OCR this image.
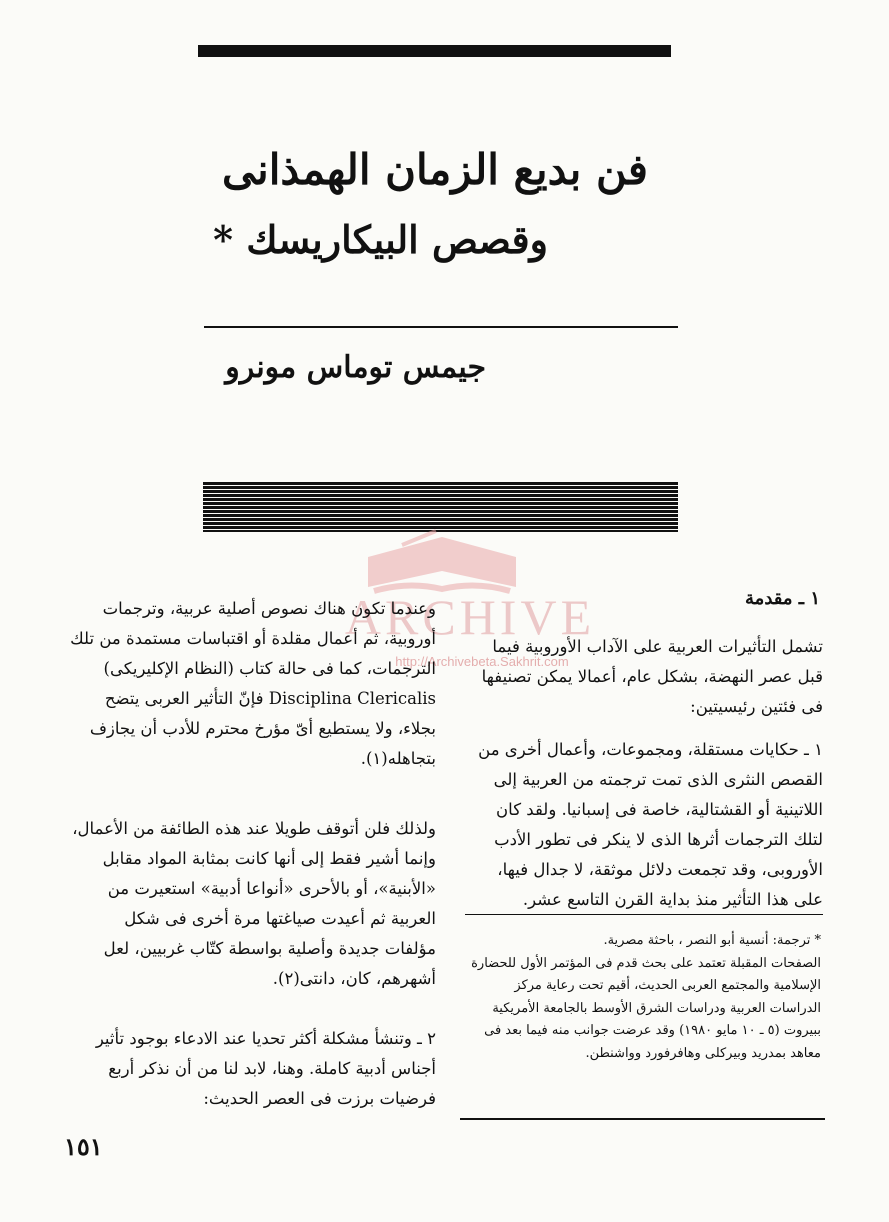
فن بديع الزمان الهمذانى
وقصص البيكاريسك *
جيمس توماس مونرو
ARCHIVE
http://Archivebeta.Sakhrit.com
١ ـ مقدمة

تشمل التأثيرات العربية على الآداب الأوروبية فيما قبل عصر النهضة، بشكل عام، أعمالا يمكن تصنيفها فى فئتين رئيسيتين:

١ ـ حكايات مستقلة، ومجموعات، وأعمال أخرى من القصص النثرى الذى تمت ترجمته من العربية إلى اللاتينية أو القشتالية، خاصة فى إسبانيا. ولقد كان لتلك الترجمات أثرها الذى لا ينكر فى تطور الأدب الأوروبى، وقد تجمعت دلائل موثقة، لا جدال فيها، على هذا التأثير منذ بداية القرن التاسع عشر.

* ترجمة: أنسية أبو النصر ، باحثة مصرية.

الصفحات المقبلة تعتمد على بحث قدم فى المؤتمر الأول للحضارة الإسلامية والمجتمع العربى الحديث، أقيم تحت رعاية مركز الدراسات العربية ودراسات الشرق الأوسط بالجامعة الأمريكية ببيروت (٥ ـ ١٠ مايو ١٩٨٠) وقد عرضت جوانب منه فيما بعد فى معاهد بمدريد وبيركلى وهافرفورد وواشنطن.

وعندما تكون هناك نصوص أصلية عربية، وترجمات أوروبية، ثم أعمال مقلدة أو اقتباسات مستمدة من تلك الترجمات، كما فى حالة كتاب (النظام الإكليريكى) Disciplina Clericalis فإنّ التأثير العربى يتضح بجلاء، ولا يستطيع أىّ مؤرخ محترم للأدب أن يجازف بتجاهله(١).

ولذلك فلن أتوقف طويلا عند هذه الطائفة من الأعمال، وإنما أشير فقط إلى أنها كانت بمثابة المواد مقابل «الأبنية»، أو بالأحرى «أنواعا أدبية» استعيرت من العربية ثم أعيدت صياغتها مرة أخرى فى شكل مؤلفات جديدة وأصلية بواسطة كتّاب غربيين، لعل أشهرهم، كان، دانتى(٢).

٢ ـ وتنشأ مشكلة أكثر تحديا عند الادعاء بوجود تأثير أجناس أدبية كاملة. وهنا، لابد لنا من أن نذكر أربع فرضيات برزت فى العصر الحديث:

١٥١
